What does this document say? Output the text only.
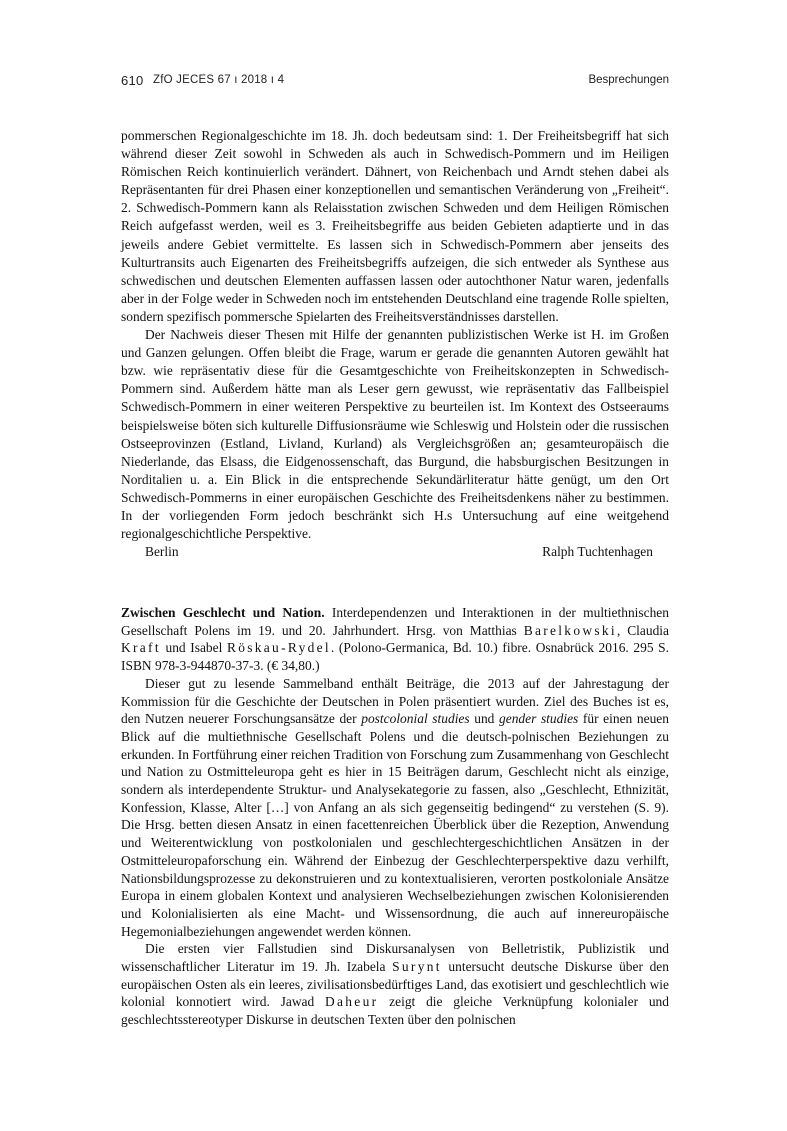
610 ZfO JECES 67 ı 2018 ı 4	Besprechungen

pommerschen Regionalgeschichte im 18. Jh. doch bedeutsam sind: 1. Der Freiheitsbegriff hat sich während dieser Zeit sowohl in Schweden als auch in Schwedisch-Pommern und im Heiligen Römischen Reich kontinuierlich verändert. Dähnert, von Reichenbach und Arndt stehen dabei als Repräsentanten für drei Phasen einer konzeptionellen und semantischen Veränderung von „Freiheit“. 2. Schwedisch-Pommern kann als Relaisstation zwischen Schweden und dem Heiligen Römischen Reich aufgefasst werden, weil es 3. Freiheitsbegriffe aus beiden Gebieten adaptierte und in das jeweils andere Gebiet vermittelte. Es lassen sich in Schwedisch-Pommern aber jenseits des Kulturtransits auch Eigenarten des Freiheitsbegriffs aufzeigen, die sich entweder als Synthese aus schwedischen und deutschen Elementen auffassen lassen oder autochthoner Natur waren, jedenfalls aber in der Folge weder in Schweden noch im entstehenden Deutschland eine tragende Rolle spielten, sondern spezifisch pommersche Spielarten des Freiheitsverständnisses darstellen.

Der Nachweis dieser Thesen mit Hilfe der genannten publizistischen Werke ist H. im Großen und Ganzen gelungen. Offen bleibt die Frage, warum er gerade die genannten Autoren gewählt hat bzw. wie repräsentativ diese für die Gesamtgeschichte von Freiheitskonzepten in Schwedisch-Pommern sind. Außerdem hätte man als Leser gern gewusst, wie repräsentativ das Fallbeispiel Schwedisch-Pommern in einer weiteren Perspektive zu beurteilen ist. Im Kontext des Ostseeraums beispielsweise böten sich kulturelle Diffusionsräume wie Schleswig und Holstein oder die russischen Ostseeprovinzen (Estland, Livland, Kurland) als Vergleichsgrößen an; gesamteuropäisch die Niederlande, das Elsass, die Eidgenossenschaft, das Burgund, die habsburgischen Besitzungen in Norditalien u. a. Ein Blick in die entsprechende Sekundärliteratur hätte genügt, um den Ort Schwedisch-Pommerns in einer europäischen Geschichte des Freiheitsdenkens näher zu bestimmen. In der vorliegenden Form jedoch beschränkt sich H.s Untersuchung auf eine weitgehend regionalgeschichtliche Perspektive.

Berlin	Ralph Tuchtenhagen

Zwischen Geschlecht und Nation. Interdependenzen und Interaktionen in der multiethnischen Gesellschaft Polens im 19. und 20. Jahrhundert. Hrsg. von Matthias Barelkowski, Claudia Kraft und Isabel Röskau-Rydel. (Polono-Germanica, Bd. 10.) fibre. Osnabrück 2016. 295 S. ISBN 978-3-944870-37-3. (€ 34,80.)

Dieser gut zu lesende Sammelband enthält Beiträge, die 2013 auf der Jahrestagung der Kommission für die Geschichte der Deutschen in Polen präsentiert wurden. Ziel des Buches ist es, den Nutzen neuerer Forschungsansätze der postcolonial studies und gender studies für einen neuen Blick auf die multiethnische Gesellschaft Polens und die deutsch-polnischen Beziehungen zu erkunden. In Fortführung einer reichen Tradition von Forschung zum Zusammenhang von Geschlecht und Nation zu Ostmitteleuropa geht es hier in 15 Beiträgen darum, Geschlecht nicht als einzige, sondern als interdependente Struktur- und Analysekategorie zu fassen, also „Geschlecht, Ethnizität, Konfession, Klasse, Alter […] von Anfang an als sich gegenseitig bedingend“ zu verstehen (S. 9). Die Hrsg. betten diesen Ansatz in einen facettenreichen Überblick über die Rezeption, Anwendung und Weiterentwicklung von postkolonialen und geschlechtergeschichtlichen Ansätzen in der Ostmitteleuropaforschung ein. Während der Einbezug der Geschlechterperspektive dazu verhilft, Nationsbildungsprozesse zu dekonstruieren und zu kontextualisieren, verorten postkoloniale Ansätze Europa in einem globalen Kontext und analysieren Wechselbeziehungen zwischen Kolonisierenden und Kolonialisierten als eine Macht- und Wissensordnung, die auch auf innereuropäische Hegemonialbeziehungen angewendet werden können.

Die ersten vier Fallstudien sind Diskursanalysen von Belletristik, Publizistik und wissenschaftlicher Literatur im 19. Jh. Izabela Surynt untersucht deutsche Diskurse über den europäischen Osten als ein leeres, zivilisationsbedürftiges Land, das exotisiert und geschlechtlich wie kolonial konnotiert wird. Jawad Daheur zeigt die gleiche Verknüpfung kolonialer und geschlechtsstereotyper Diskurse in deutschen Texten über den polnischen
